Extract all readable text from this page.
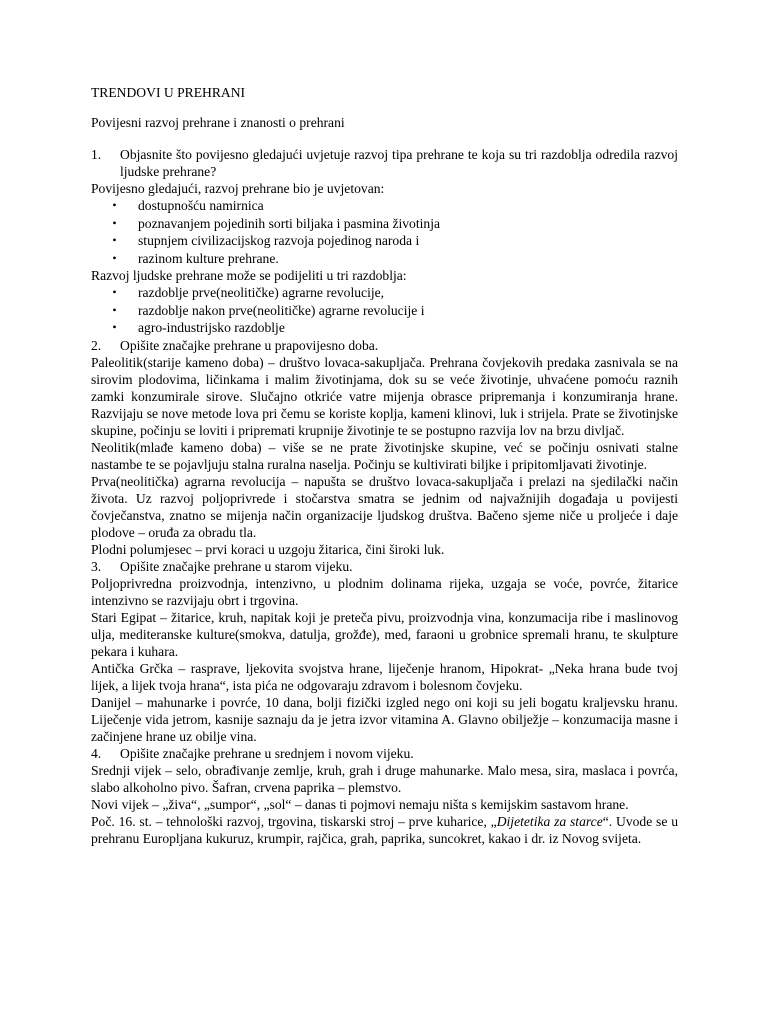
TRENDOVI U PREHRANI

Povijesni razvoj prehrane i znanosti o prehrani

1.	Objasnite što povijesno gledajući uvjetuje razvoj tipa prehrane te koja su tri razdoblja odredila razvoj ljudske prehrane?

Povijesno gledajući, razvoj prehrane bio je uvjetovan:

•	dostupnošću namirnica
•	poznavanjem pojedinih sorti biljaka i pasmina životinja
•	stupnjem civilizacijskog razvoja pojedinog naroda i
•	razinom kulture prehrane.

Razvoj ljudske prehrane može se podijeliti u tri razdoblja:

•	razdoblje prve(neolitičke) agrarne revolucije,
•	razdoblje nakon prve(neolitičke) agrarne revolucije i
•	agro-industrijsko razdoblje
2.	Opišite značajke prehrane u prapovijesno doba.

Paleolitik(starije kameno doba) – društvo lovaca-sakupljača. Prehrana čovjekovih predaka zasnivala se na sirovim plodovima, ličinkama i malim životinjama, dok su se veće životinje, uhvaćene pomoću raznih zamki konzumirale sirove. Slučajno otkriće vatre mijenja obrasce pripremanja i konzumiranja hrane. Razvijaju se nove metode lova pri čemu se koriste koplja, kameni klinovi, luk i strijela. Prate se životinjske skupine, počinju se loviti i pripremati krupnije životinje te se postupno razvija lov na brzu divljač.

Neolitik(mlađe kameno doba) – više se ne prate životinjske skupine, već se počinju osnivati stalne nastambe te se pojavljuju stalna ruralna naselja. Počinju se kultivirati biljke i pripitomljavati životinje.

Prva(neolitička) agrarna revolucija – napušta se društvo lovaca-sakupljača i prelazi na sjedilački način života. Uz razvoj poljoprivrede i stočarstva smatra se jednim od najvažnijih događaja u povijesti čovječanstva, znatno se mijenja način organizacije ljudskog društva. Bačeno sjeme niče u proljeće i daje plodove – oruđa za obradu tla.

Plodni polumjesec – prvi koraci u uzgoju žitarica, čini široki luk.

3.	Opišite značajke prehrane u starom vijeku.

Poljoprivredna proizvodnja, intenzivno, u plodnim dolinama rijeka, uzgaja se voće, povrće, žitarice intenzivno se razvijaju obrt i trgovina.

Stari Egipat – žitarice, kruh, napitak koji je preteča pivu, proizvodnja vina, konzumacija ribe i maslinovog ulja, mediteranske kulture(smokva, datulja, grožđe), med, faraoni u grobnice spremali hranu, te skulpture pekara i kuhara.

Antička Grčka – rasprave, ljekovita svojstva hrane, liječenje hranom, Hipokrat- „Neka hrana bude tvoj lijek, a lijek tvoja hrana“, ista pića ne odgovaraju zdravom i bolesnom čovjeku.

Danijel – mahunarke i povrće, 10 dana, bolji fizički izgled nego oni koji su jeli bogatu kraljevsku hranu. Liječenje vida jetrom, kasnije saznaju da je jetra izvor vitamina A. Glavno obilježje – konzumacija masne i začinjene hrane uz obilje vina.

4.	Opišite značajke prehrane u srednjem i novom vijeku.

Srednji vijek – selo, obrađivanje zemlje, kruh, grah i druge mahunarke. Malo mesa, sira, maslaca i povrća, slabo alkoholno pivo. Šafran, crvena paprika – plemstvo.

Novi vijek – „živa“, „sumpor“, „sol“ – danas ti pojmovi nemaju ništa s kemijskim sastavom hrane.

Poč. 16. st. – tehnološki razvoj, trgovina, tiskarski stroj – prve kuharice, „Dijetetika za starce“. Uvode se u prehranu Europljana kukuruz, krumpir, rajčica, grah, paprika, suncokret, kakao i dr. iz Novog svijeta.
